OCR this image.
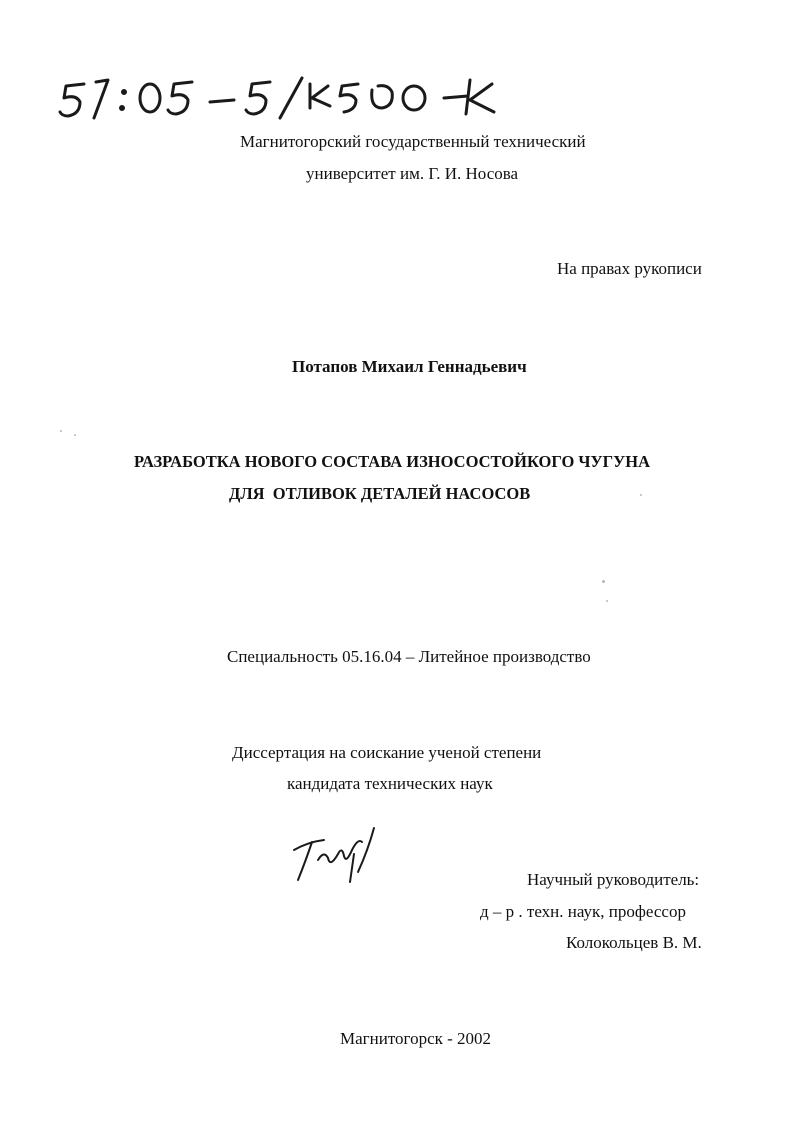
Магнитогорский государственный технический
университет им. Г. И. Носова
На правах рукописи
Потапов Михаил Геннадьевич
РАЗРАБОТКА НОВОГО СОСТАВА ИЗНОСОСТОЙКОГО ЧУГУНА
ДЛЯ  ОТЛИВОК ДЕТАЛЕЙ НАСОСОВ
Специальность 05.16.04 – Литейное производство
Диссертация на соискание ученой степени
кандидата технических наук
Научный руководитель:
д – р . техн. наук, профессор
Колокольцев В. М.
Магнитогорск - 2002
